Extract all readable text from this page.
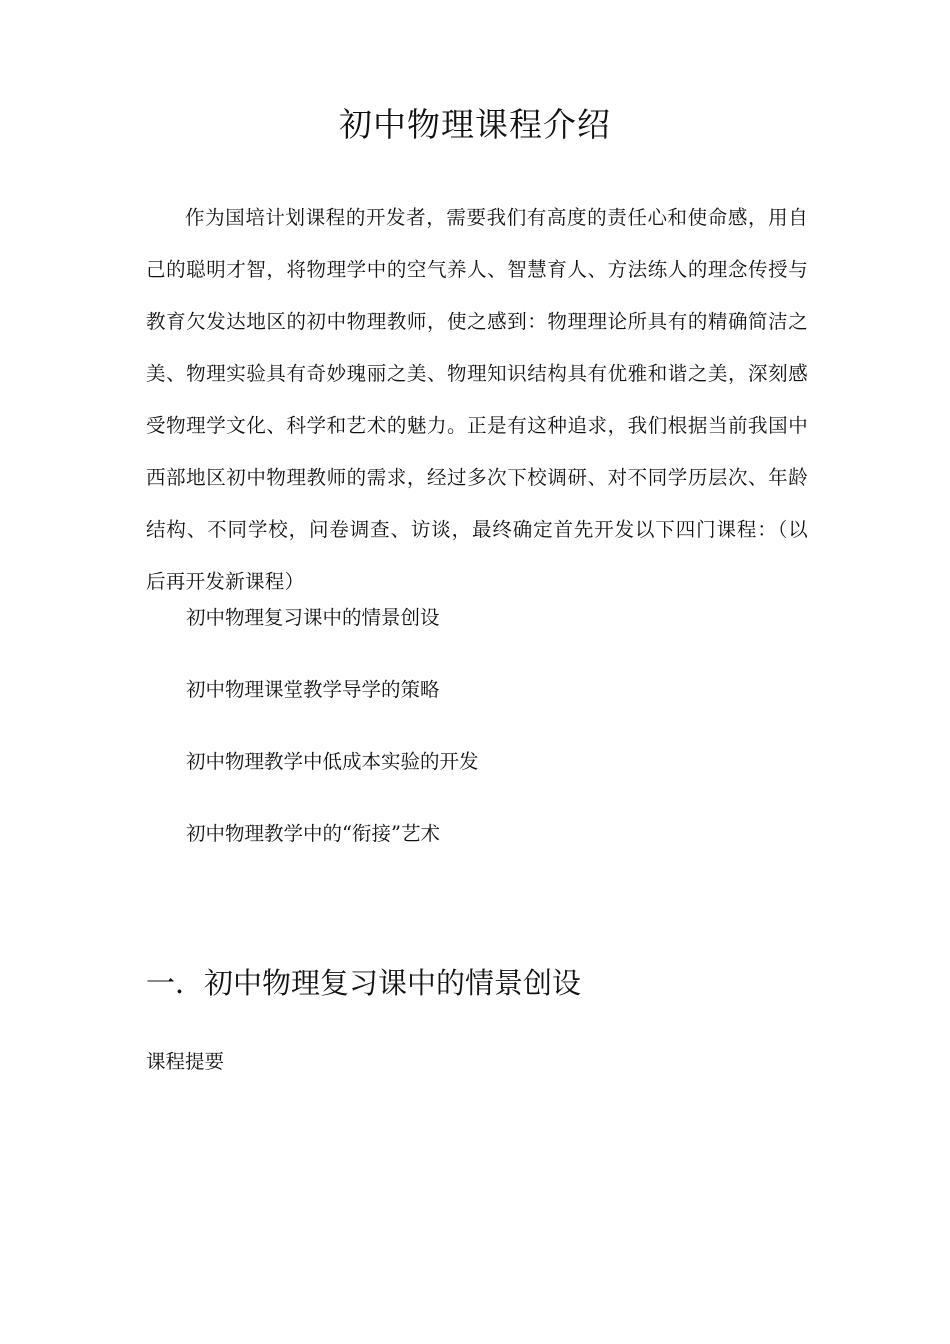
初中物理课程介绍

作为国培计划课程的开发者，需要我们有高度的责任心和使命感，用自己的聪明才智，将物理学中的空气养人、智慧育人、方法练人的理念传授与教育欠发达地区的初中物理教师，使之感到：物理理论所具有的精确简洁之美、物理实验具有奇妙瑰丽之美、物理知识结构具有优雅和谐之美，深刻感受物理学文化、科学和艺术的魅力。正是有这种追求，我们根据当前我国中西部地区初中物理教师的需求，经过多次下校调研、对不同学历层次、年龄结构、不同学校，问卷调查、访谈，最终确定首先开发以下四门课程：（以后再开发新课程）

初中物理复习课中的情景创设
初中物理课堂教学导学的策略
初中物理教学中低成本实验的开发
初中物理教学中的“衔接”艺术
一．初中物理复习课中的情景创设

课程提要
